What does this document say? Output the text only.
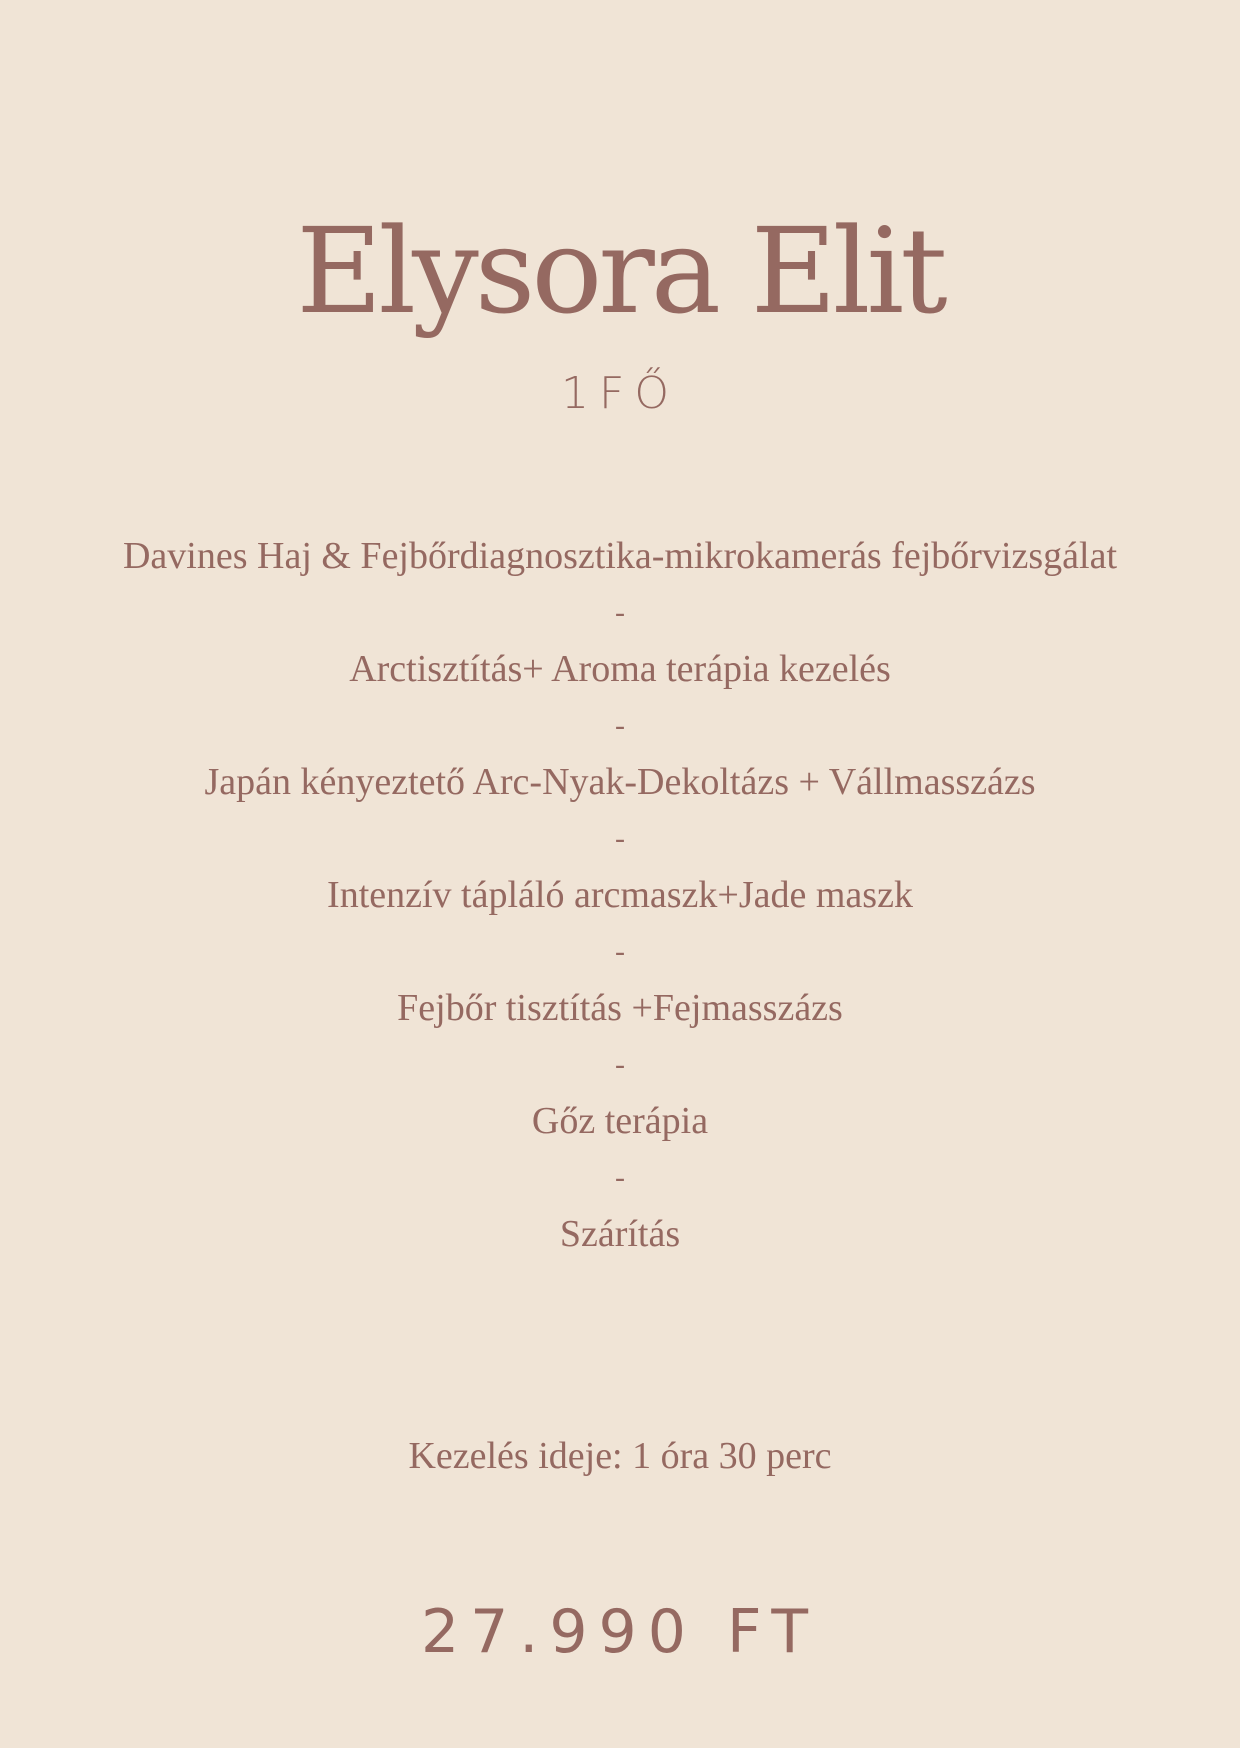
Elysora Elit
1FŐ

Davines Haj & Fejbőrdiagnosztika-mikrokamerás fejbőrvizsgálat

-

Arctisztítás+ Aroma terápia kezelés

-

Japán kényeztető Arc-Nyak-Dekoltázs + Vállmasszázs

-

Intenzív tápláló arcmaszk+Jade maszk

-

Fejbőr tisztítás +Fejmasszázs

-

Gőz terápia

-

Szárítás

Kezelés ideje: 1 óra 30 perc
27.990 FT
